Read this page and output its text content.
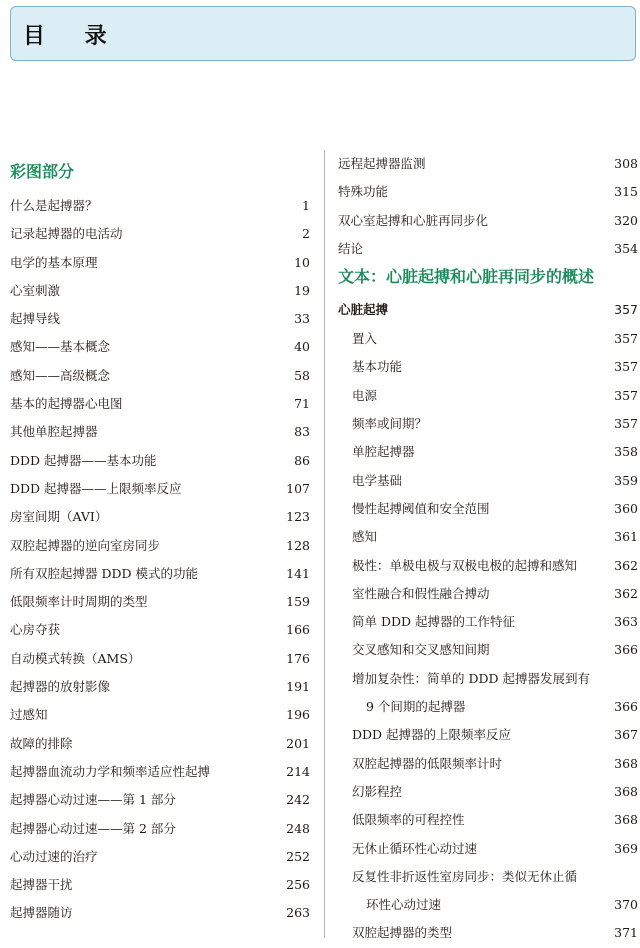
目 录
彩图部分
什么是起搏器？	1
记录起搏器的电活动	2
电学的基本原理	10
心室刺激	19
起搏导线	33
感知——基本概念	40
感知——高级概念	58
基本的起搏器心电图	71
其他单腔起搏器	83
DDD 起搏器——基本功能	86
DDD 起搏器——上限频率反应	107
房室间期（AVI）	123
双腔起搏器的逆向室房同步	128
所有双腔起搏器 DDD 模式的功能	141
低限频率计时周期的类型	159
心房夺获	166
自动模式转换（AMS）	176
起搏器的放射影像	191
过感知	196
故障的排除	201
起搏器血流动力学和频率适应性起搏	214
起搏器心动过速——第 1 部分	242
起搏器心动过速——第 2 部分	248
心动过速的治疗	252
起搏器干扰	256
起搏器随访	263
远程起搏器监测	308
特殊功能	315
双心室起搏和心脏再同步化	320
结论	354
文本：心脏起搏和心脏再同步的概述
心脏起搏	357
置入	357
基本功能	357
电源	357
频率或间期？	357
单腔起搏器	358
电学基础	359
慢性起搏阈值和安全范围	360
感知	361
极性：单极电极与双极电极的起搏和感知	362
室性融合和假性融合搏动	362
简单 DDD 起搏器的工作特征	363
交叉感知和交叉感知间期	366
增加复杂性：简单的 DDD 起搏器发展到有
9 个间期的起搏器	366
DDD 起搏器的上限频率反应	367
双腔起搏器的低限频率计时	368
幻影程控	368
低限频率的可程控性	368
无休止循环性心动过速	369
反复性非折返性室房同步：类似无休止循
环性心动过速	370
双腔起搏器的类型	371
